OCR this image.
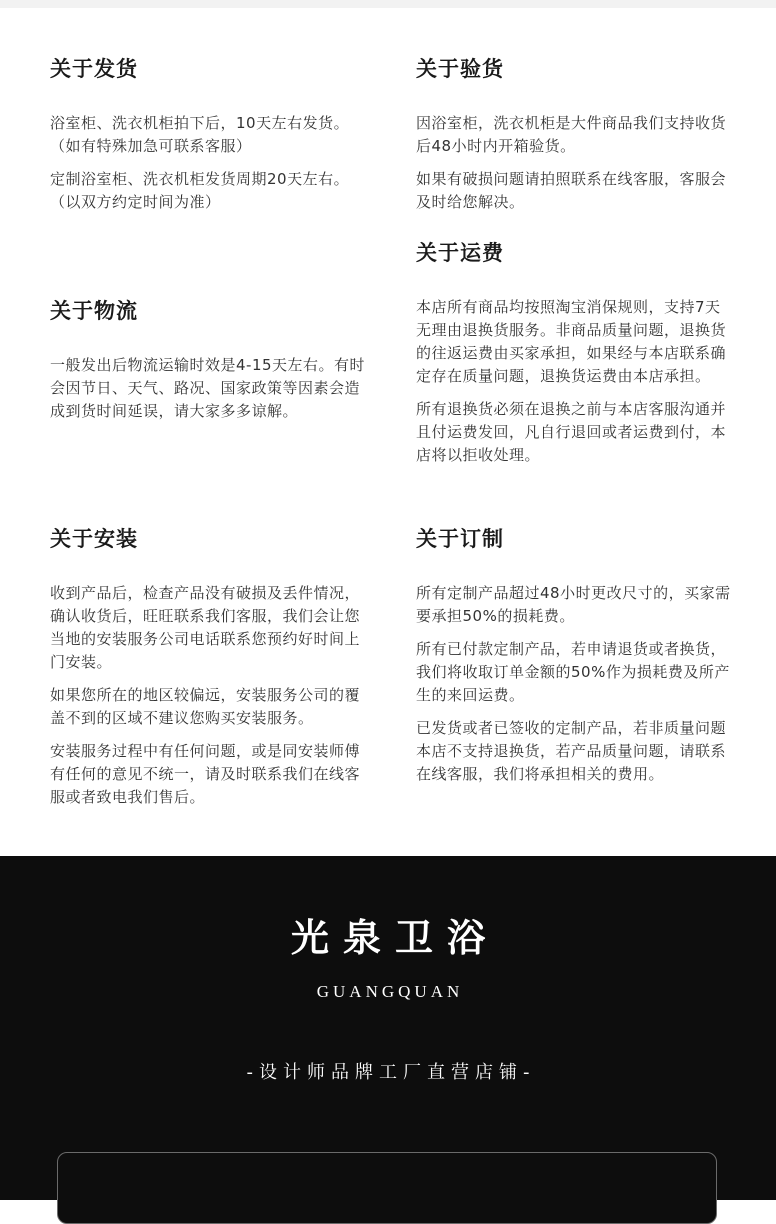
关于发货

浴室柜、洗衣机柜拍下后，10天左右发货。（如有特殊加急可联系客服）

定制浴室柜、洗衣机柜发货周期20天左右。（以双方约定时间为准）

关于验货

因浴室柜，洗衣机柜是大件商品我们支持收货后48小时内开箱验货。

如果有破损问题请拍照联系在线客服，客服会及时给您解决。

关于运费

本店所有商品均按照淘宝消保规则，支持7天无理由退换货服务。非商品质量问题，退换货的往返运费由买家承担，如果经与本店联系确定存在质量问题，退换货运费由本店承担。

所有退换货必须在退换之前与本店客服沟通并且付运费发回，凡自行退回或者运费到付，本店将以拒收处理。

关于物流

一般发出后物流运输时效是4-15天左右。有时会因节日、天气、路况、国家政策等因素会造成到货时间延误，请大家多多谅解。

关于安装

收到产品后，检查产品没有破损及丢件情况，确认收货后，旺旺联系我们客服，我们会让您当地的安装服务公司电话联系您预约好时间上门安装。

如果您所在的地区较偏远，安装服务公司的覆盖不到的区域不建议您购买安装服务。

安装服务过程中有任何问题，或是同安装师傅有任何的意见不统一，请及时联系我们在线客服或者致电我们售后。

关于订制

所有定制产品超过48小时更改尺寸的，买家需要承担50%的损耗费。

所有已付款定制产品，若申请退货或者换货，我们将收取订单金额的50%作为损耗费及所产生的来回运费。

已发货或者已签收的定制产品，若非质量问题本店不支持退换货，若产品质量问题，请联系在线客服，我们将承担相关的费用。

光泉卫浴
GUANGQUAN
-设计师品牌工厂直营店铺-
